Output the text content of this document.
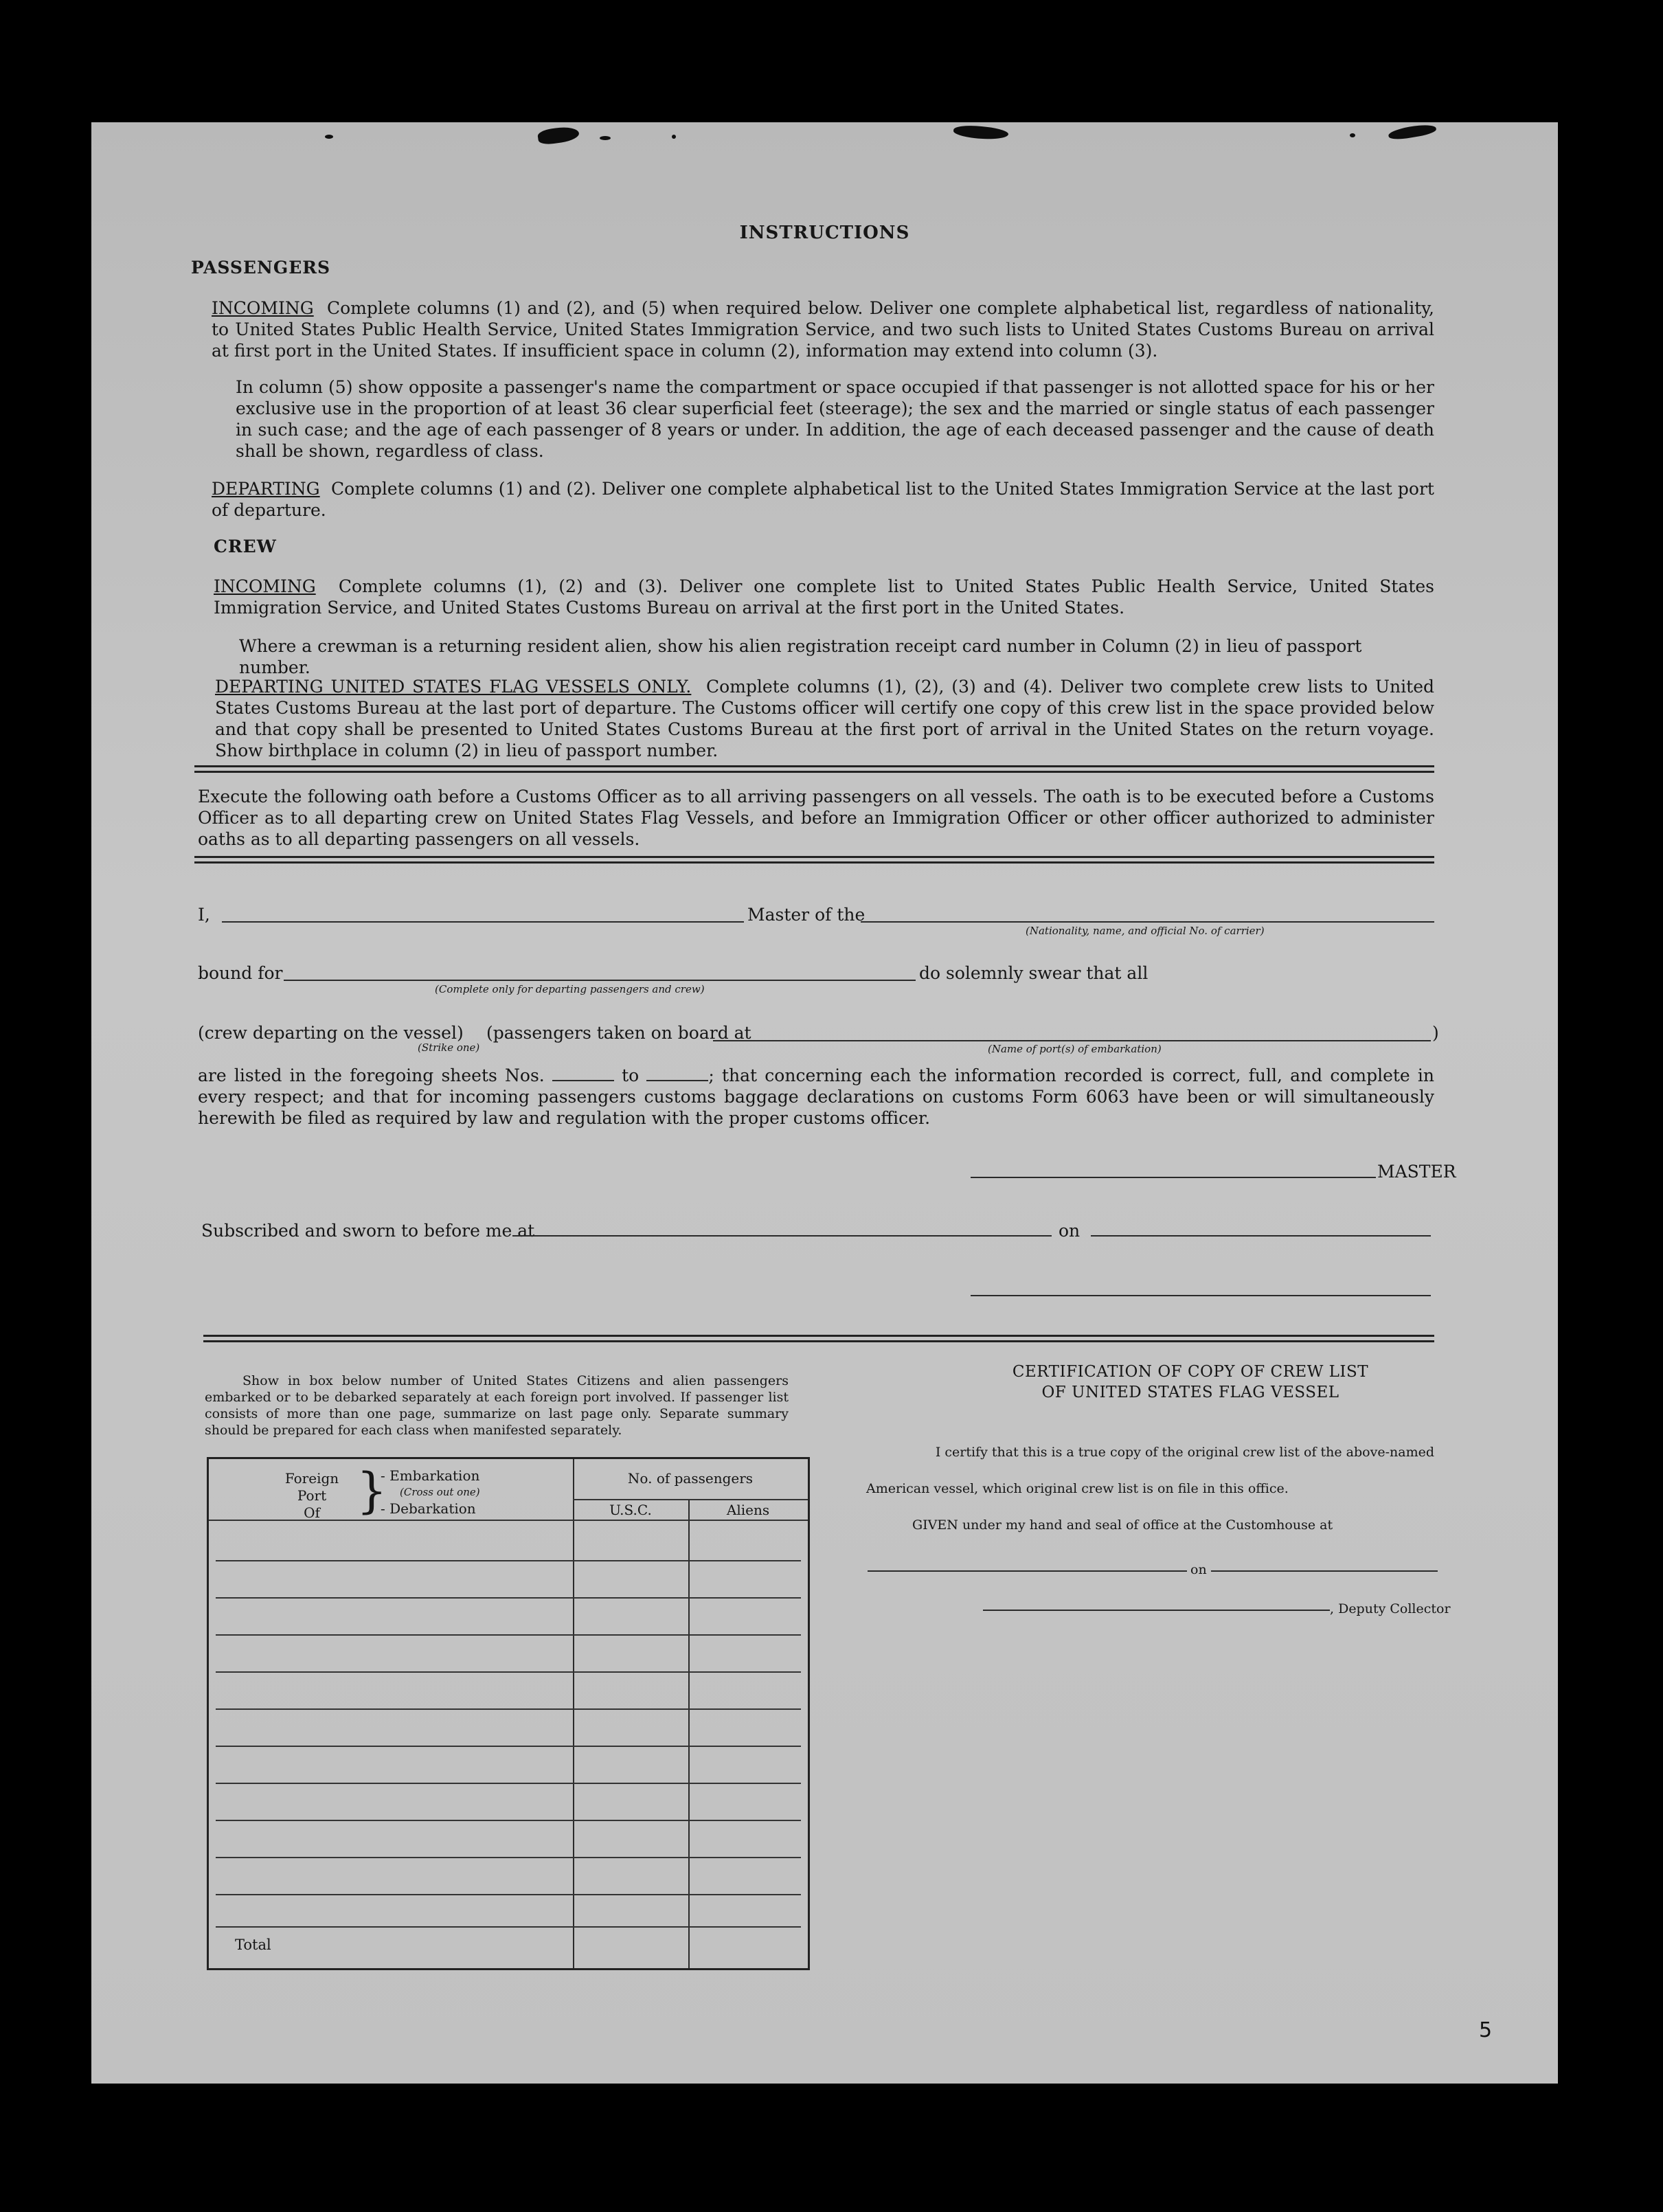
INSTRUCTIONS
PASSENGERS
INCOMING Complete columns (1) and (2), and (5) when required below. Deliver one complete alphabetical list, regardless of nationality, to United States Public Health Service, United States Immigration Service, and two such lists to United States Customs Bureau on arrival at first port in the United States. If insufficient space in column (2), information may extend into column (3).
In column (5) show opposite a passenger's name the compartment or space occupied if that passenger is not allotted space for his or her exclusive use in the proportion of at least 36 clear superficial feet (steerage); the sex and the married or single status of each passenger in such case; and the age of each passenger of 8 years or under. In addition, the age of each deceased passenger and the cause of death shall be shown, regardless of class.
DEPARTING Complete columns (1) and (2). Deliver one complete alphabetical list to the United States Immigration Service at the last port of departure.
CREW
INCOMING Complete columns (1), (2) and (3). Deliver one complete list to United States Public Health Service, United States Immigration Service, and United States Customs Bureau on arrival at the first port in the United States.
Where a crewman is a returning resident alien, show his alien registration receipt card number in Column (2) in lieu of passport number.
DEPARTING UNITED STATES FLAG VESSELS ONLY. Complete columns (1), (2), (3) and (4). Deliver two complete crew lists to United States Customs Bureau at the last port of departure. The Customs officer will certify one copy of this crew list in the space provided below and that copy shall be presented to United States Customs Bureau at the first port of arrival in the United States on the return voyage. Show birthplace in column (2) in lieu of passport number.
Execute the following oath before a Customs Officer as to all arriving passengers on all vessels. The oath is to be executed before a Customs Officer as to all departing crew on United States Flag Vessels, and before an Immigration Officer or other officer authorized to administer oaths as to all departing passengers on all vessels.
I,	Master of the
(Nationality, name, and official No. of carrier)
bound for
(Complete only for departing passengers and crew)
do solemnly swear that all
(crew departing on the vessel)
(Strike one)
(passengers taken on board at	)
(Name of port(s) of embarkation)
are listed in the foregoing sheets Nos.	to	; that concerning each the information recorded is correct, full, and complete in every respect; and that for incoming passengers customs baggage declarations on customs Form 6063 have been or will simultaneously herewith be filed as required by law and regulation with the proper customs officer.
MASTER
Subscribed and sworn to before me at	on
Show in box below number of United States Citizens and alien passengers embarked or to be debarked separately at each foreign port involved. If passenger list consists of more than one page, summarize on last page only. Separate summary should be prepared for each class when manifested separately.
Foreign
Port
Of }
- Embarkation
(Cross out one)
- Debarkation
No. of passengers
U.S.C.	Aliens
Total
CERTIFICATION OF COPY OF CREW LIST
OF UNITED STATES FLAG VESSEL
I certify that this is a true copy of the original crew list of the above-named
American vessel, which original crew list is on file in this office.
GIVEN under my hand and seal of office at the Customhouse at
on
, Deputy Collector
5
